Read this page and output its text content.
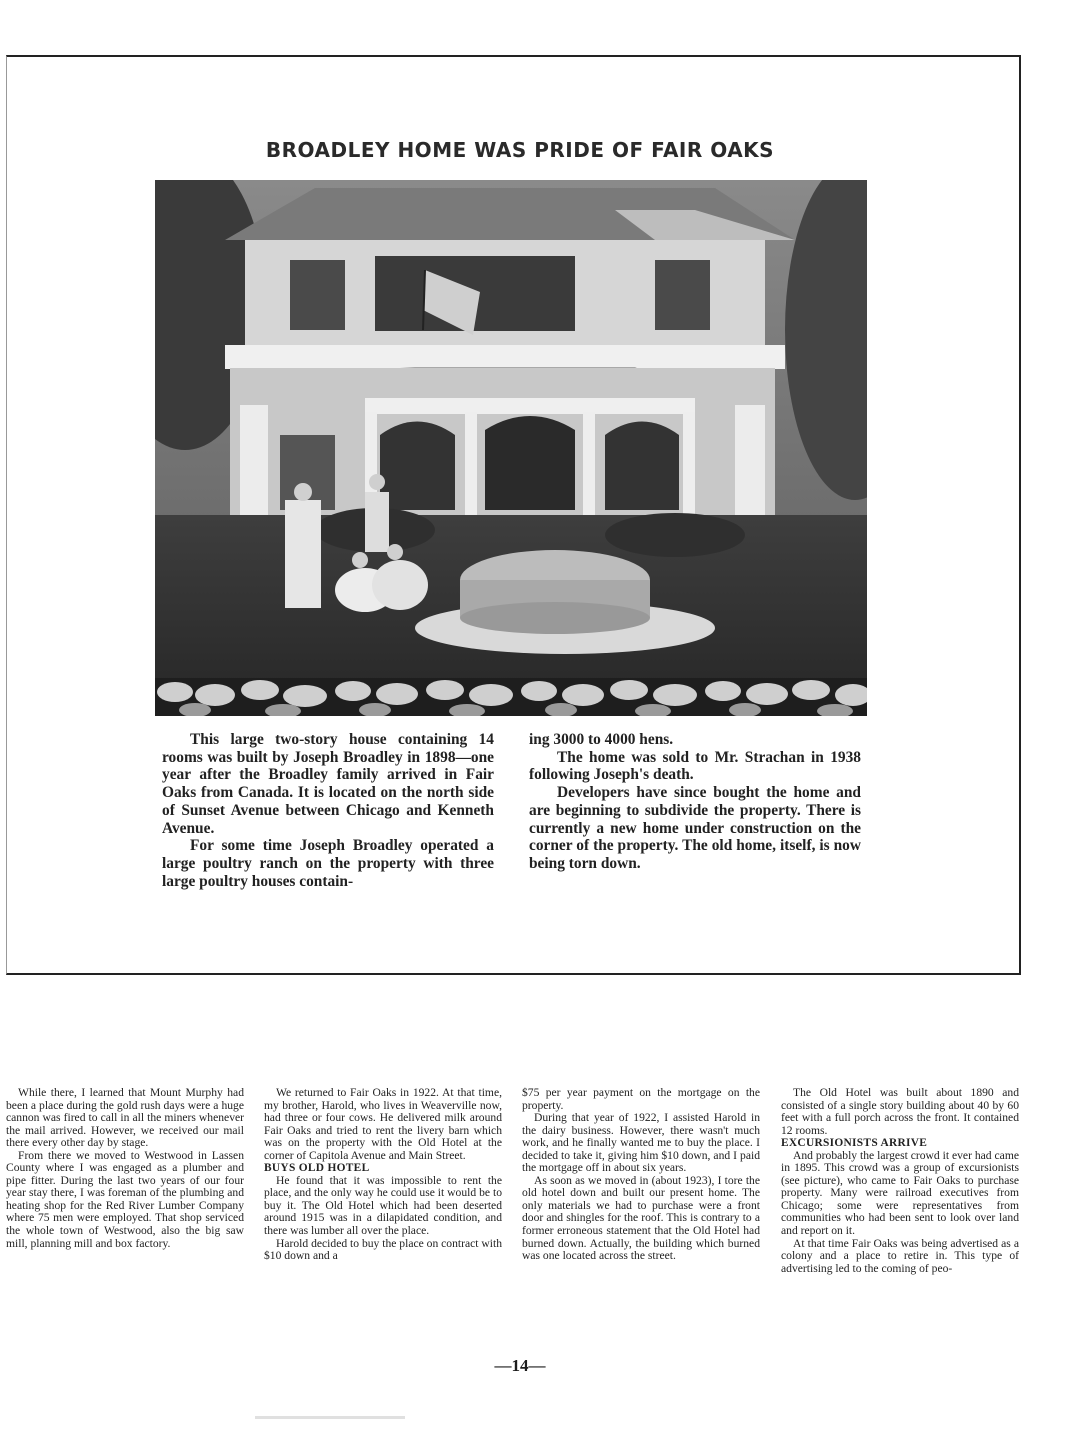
BROADLEY HOME WAS PRIDE OF FAIR OAKS

This large two-story house containing 14 rooms was built by Joseph Broadley in 1898—one year after the Broadley family arrived in Fair Oaks from Canada. It is located on the north side of Sunset Avenue between Chicago and Kenneth Avenue.

For some time Joseph Broadley operated a large poultry ranch on the property with three large poultry houses contain-

ing 3000 to 4000 hens.

The home was sold to Mr. Strachan in 1938 following Joseph's death.

Developers have since bought the home and are beginning to subdivide the property. There is currently a new home under construction on the corner of the property. The old home, itself, is now being torn down.

While there, I learned that Mount Murphy had been a place during the gold rush days were a huge cannon was fired to call in all the miners whenever the mail arrived. However, we received our mail there every other day by stage.

From there we moved to Westwood in Lassen County where I was engaged as a plumber and pipe fitter. During the last two years of our four year stay there, I was foreman of the plumbing and heating shop for the Red River Lumber Company where 75 men were employed. That shop serviced the whole town of Westwood, also the big saw mill, planning mill and box factory.

We returned to Fair Oaks in 1922. At that time, my brother, Harold, who lives in Weaverville now, had three or four cows. He delivered milk around Fair Oaks and tried to rent the livery barn which was on the property with the Old Hotel at the corner of Capitola Avenue and Main Street.

BUYS OLD HOTEL

He found that it was impossible to rent the place, and the only way he could use it would be to buy it. The Old Hotel which had been deserted around 1915 was in a dilapidated condition, and there was lumber all over the place.

Harold decided to buy the place on contract with $10 down and a

$75 per year payment on the mortgage on the property.

During that year of 1922, I assisted Harold in the dairy business. However, there wasn't much work, and he finally wanted me to buy the place. I decided to take it, giving him $10 down, and I paid the mortgage off in about six years.

As soon as we moved in (about 1923), I tore the old hotel down and built our present home. The only materials we had to purchase were a front door and shingles for the roof. This is contrary to a former erroneous statement that the Old Hotel had burned down. Actually, the building which burned was one located across the street.

The Old Hotel was built about 1890 and consisted of a single story building about 40 by 60 feet with a full porch across the front. It contained 12 rooms.

EXCURSIONISTS ARRIVE

And probably the largest crowd it ever had came in 1895. This crowd was a group of excursionists (see picture), who came to Fair Oaks to purchase property. Many were railroad executives from Chicago; some were representatives from communities who had been sent to look over land and report on it.

At that time Fair Oaks was being advertised as a colony and a place to retire in. This type of advertising led to the coming of peo-

—14—
